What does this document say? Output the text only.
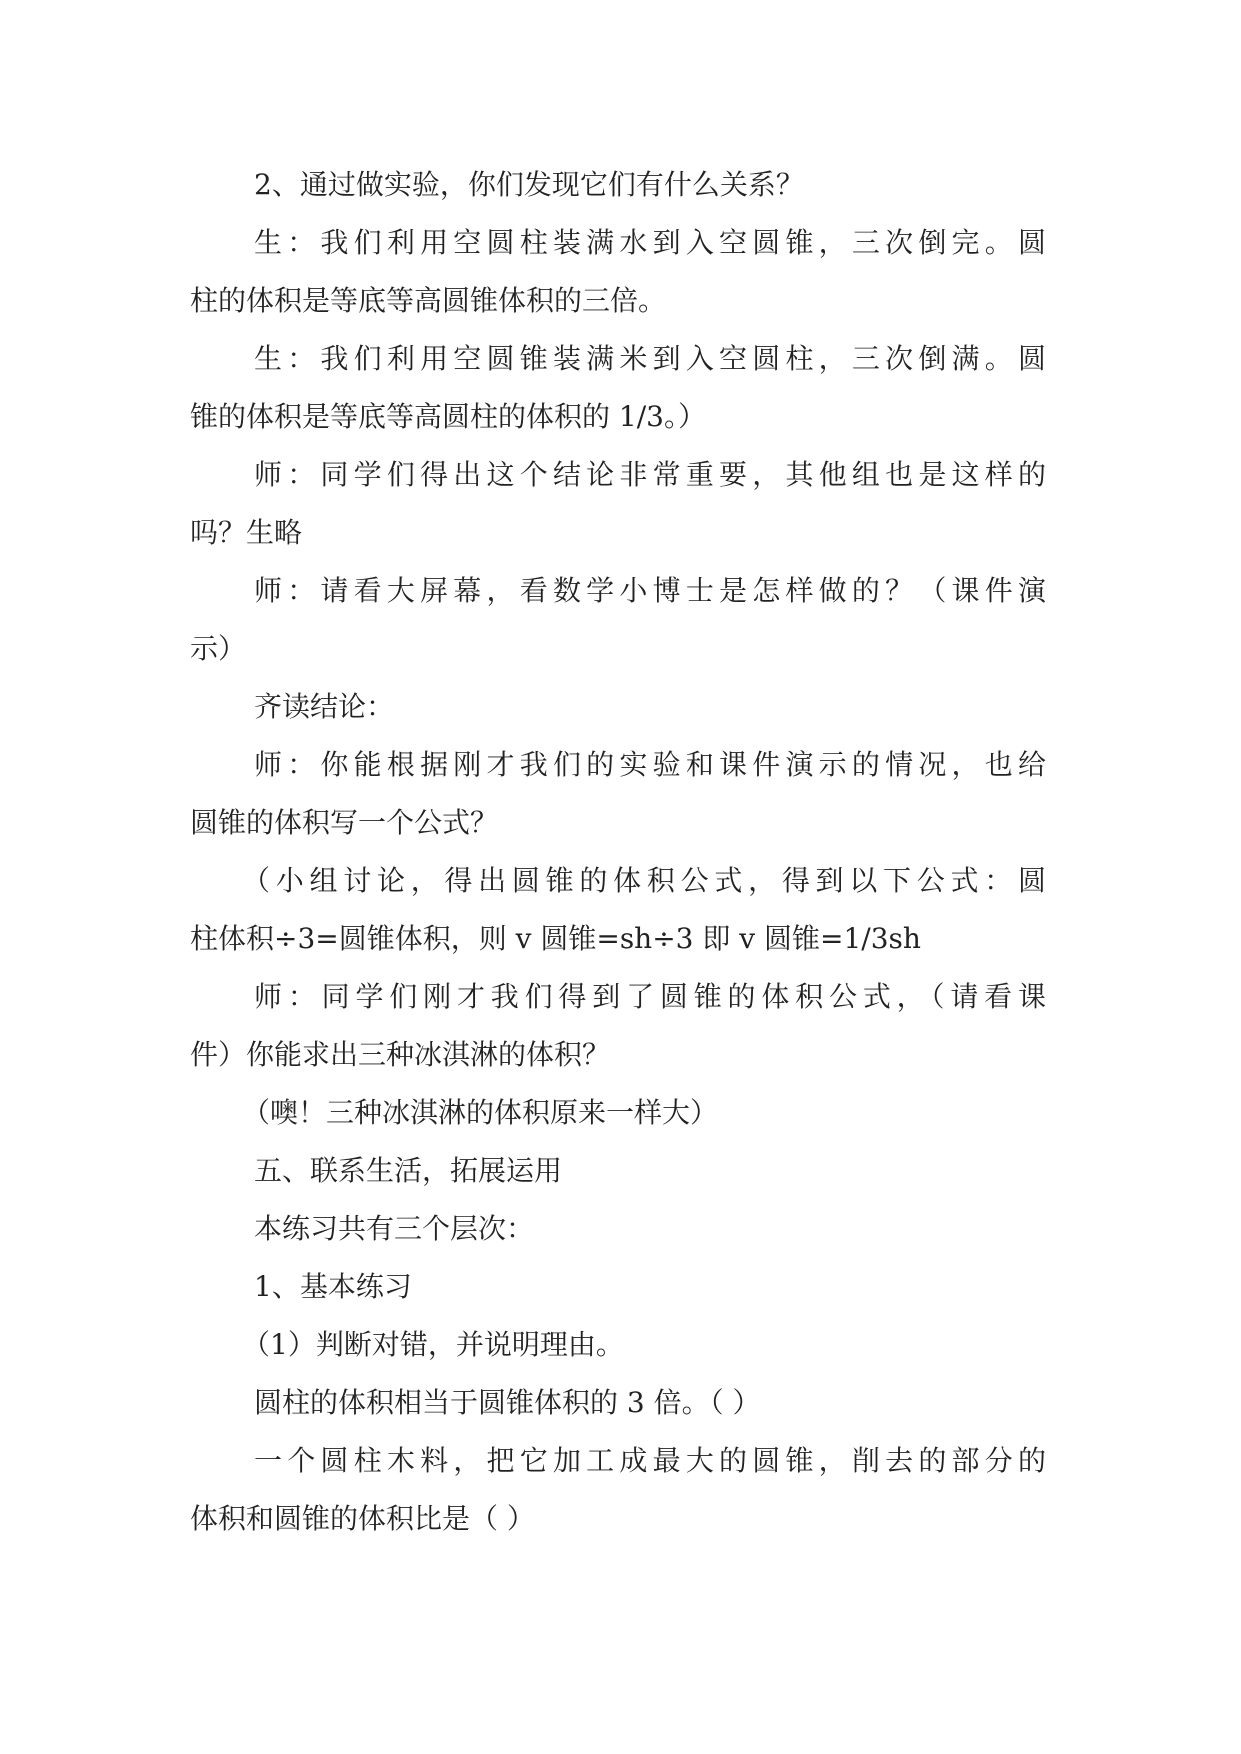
2、通过做实验，你们发现它们有什么关系？
生：我们利用空圆柱装满水到入空圆锥，三次倒完。圆
柱的体积是等底等高圆锥体积的三倍。
生：我们利用空圆锥装满米到入空圆柱，三次倒满。圆
锥的体积是等底等高圆柱的体积的 1/3。）
师：同学们得出这个结论非常重要，其他组也是这样的
吗？生略
师：请看大屏幕，看数学小博士是怎样做的？（课件演
示）
齐读结论：
师：你能根据刚才我们的实验和课件演示的情况，也给
圆锥的体积写一个公式？
（小组讨论，得出圆锥的体积公式，得到以下公式：圆
柱体积÷3=圆锥体积，则 v 圆锥=sh÷3 即 v 圆锥=1/3sh
师：同学们刚才我们得到了圆锥的体积公式，（请看课
件）你能求出三种冰淇淋的体积？
（噢！三种冰淇淋的体积原来一样大）
五、联系生活，拓展运用
本练习共有三个层次：
1、基本练习
（1）判断对错，并说明理由。
圆柱的体积相当于圆锥体积的 3 倍。（ ）
一个圆柱木料，把它加工成最大的圆锥，削去的部分的
体积和圆锥的体积比是（ ）
